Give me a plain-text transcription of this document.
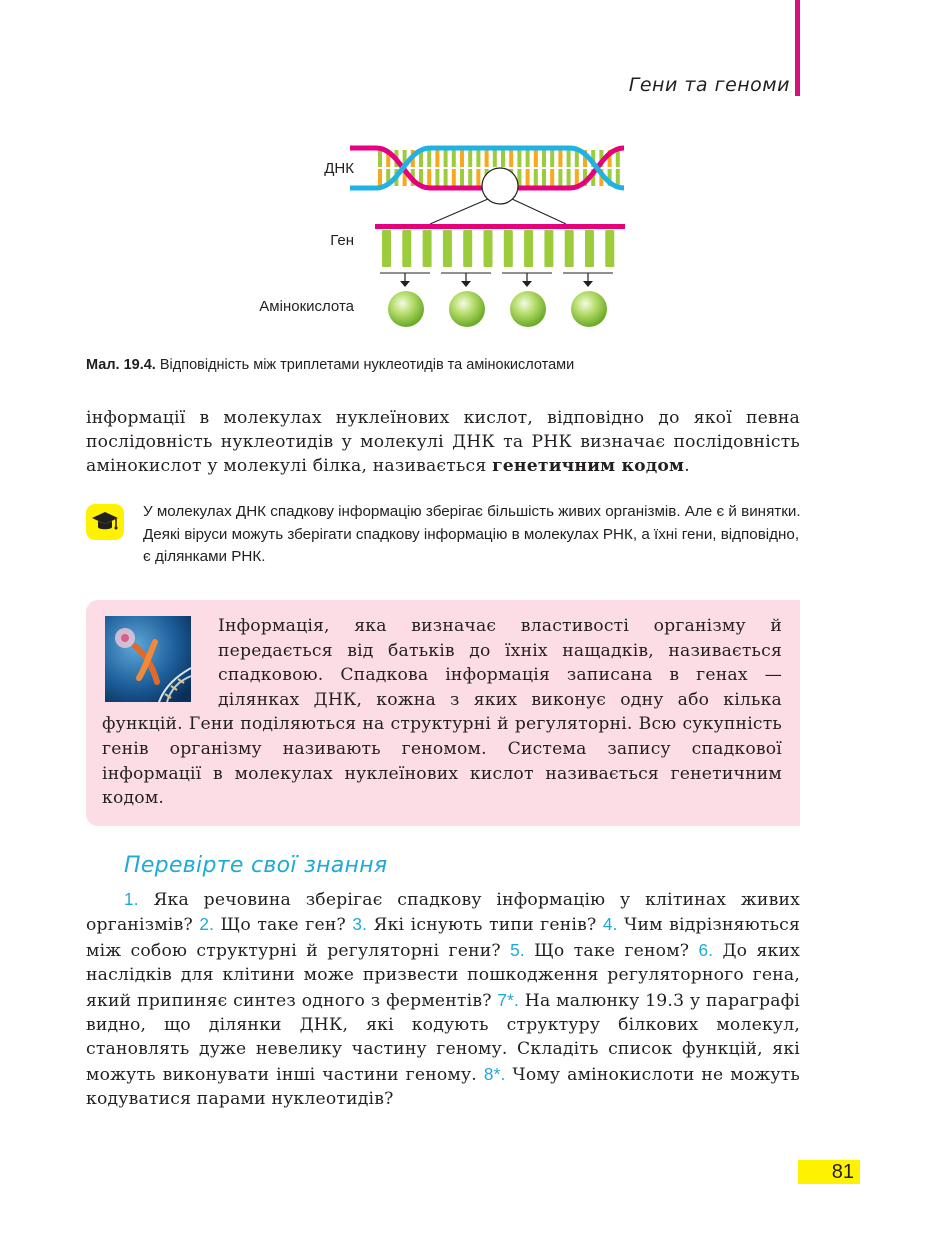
Гени та геноми
ДНК
Ген
Амінокислота
Мал. 19.4. Відповідність між триплетами нуклеотидів та амінокислотами
інформації в молекулах нуклеїнових кислот, відповідно до якої певна послідовність нуклеотидів у молекулі ДНК та РНК визначає послідовність амінокислот у молекулі білка, називається генетичним кодом.
У молекулах ДНК спадкову інформацію зберігає більшість живих організмів. Але є й винятки. Деякі віруси можуть зберігати спадкову інформацію в молекулах РНК, а їхні гени, відповідно, є ділянками РНК.
Інформація, яка визначає властивості організму й передається від батьків до їхніх нащадків, називається спадковою. Спадкова інформація записана в генах — ділянках ДНК, кожна з яких виконує одну або кілька функцій. Гени поділяються на структурні й регуляторні. Всю сукупність генів організму називають геномом. Система запису спадкової інформації в молекулах нуклеїнових кислот називається генетичним кодом.
Перевірте свої знання
1. Яка речовина зберігає спадкову інформацію у клітинах живих організмів? 2. Що таке ген? 3. Які існують типи генів? 4. Чим відрізняються між собою структурні й регуляторні гени? 5. Що таке геном? 6. До яких наслідків для клітини може призвести пошкодження регуляторного гена, який припиняє синтез одного з ферментів? 7*. На малюнку 19.3 у параграфі видно, що ділянки ДНК, які кодують структуру білкових молекул, становлять дуже невелику частину геному. Складіть список функцій, які можуть виконувати інші частини геному. 8*. Чому амінокислоти не можуть кодуватися парами нуклеотидів?
81
